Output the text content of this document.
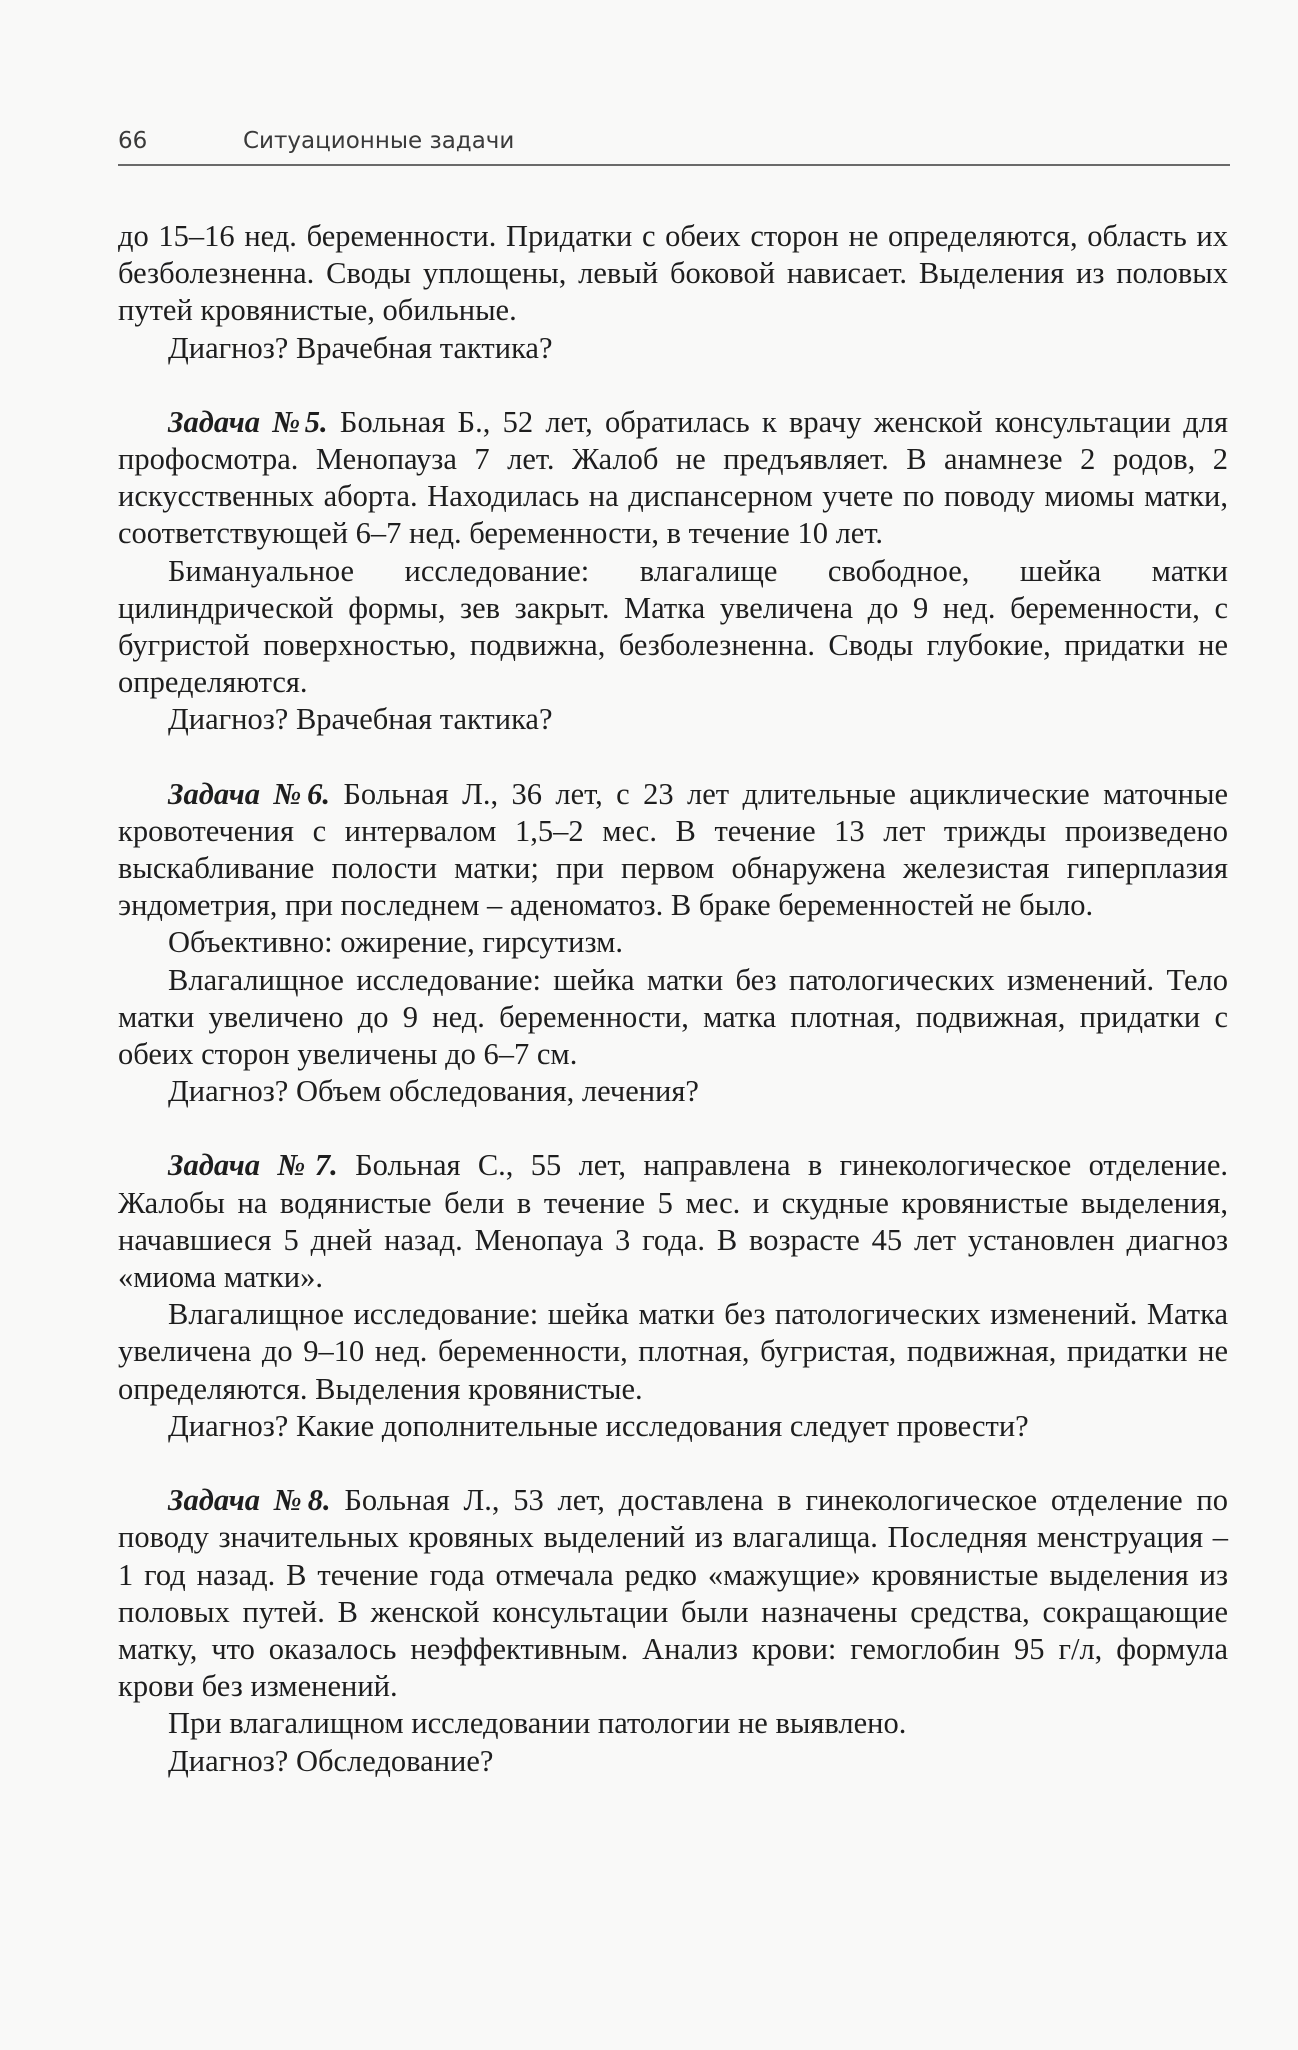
66	Ситуационные задачи

до 15–16 нед. беременности. Придатки с обеих сторон не определяются, область их безболезненна. Своды уплощены, левый боковой нависает. Выделения из половых путей кровянистые, обильные.

Диагноз? Врачебная тактика?

Задача №5. Больная Б., 52 лет, обратилась к врачу женской консультации для профосмотра. Менопауза 7 лет. Жалоб не предъявляет. В анамнезе 2 родов, 2 искусственных аборта. Находилась на диспансерном учете по поводу миомы матки, соответствующей 6–7 нед. беременности, в течение 10 лет.

Бимануальное исследование: влагалище свободное, шейка матки цилиндрической формы, зев закрыт. Матка увеличена до 9 нед. беременности, с бугристой поверхностью, подвижна, безболезненна. Своды глубокие, придатки не определяются.

Диагноз? Врачебная тактика?

Задача №6. Больная Л., 36 лет, с 23 лет длительные ациклические маточные кровотечения с интервалом 1,5–2 мес. В течение 13 лет трижды произведено выскабливание полости матки; при первом обнаружена железистая гиперплазия эндометрия, при последнем – аденоматоз. В браке беременностей не было.

Объективно: ожирение, гирсутизм.

Влагалищное исследование: шейка матки без патологических изменений. Тело матки увеличено до 9 нед. беременности, матка плотная, подвижная, придатки с обеих сторон увеличены до 6–7 см.

Диагноз? Объем обследования, лечения?

Задача №7. Больная С., 55 лет, направлена в гинекологическое отделение. Жалобы на водянистые бели в течение 5 мес. и скудные кровянистые выделения, начавшиеся 5 дней назад. Менопауа 3 года. В возрасте 45 лет установлен диагноз «миома матки».

Влагалищное исследование: шейка матки без патологических изменений. Матка увеличена до 9–10 нед. беременности, плотная, бугристая, подвижная, придатки не определяются. Выделения кровянистые.

Диагноз? Какие дополнительные исследования следует провести?

Задача №8. Больная Л., 53 лет, доставлена в гинекологическое отделение по поводу значительных кровяных выделений из влагалища. Последняя менструация – 1 год назад. В течение года отмечала редко «мажущие» кровянистые выделения из половых путей. В женской консультации были назначены средства, сокращающие матку, что оказалось неэффективным. Анализ крови: гемоглобин 95 г/л, формула крови без изменений.

При влагалищном исследовании патологии не выявлено.

Диагноз? Обследование?
